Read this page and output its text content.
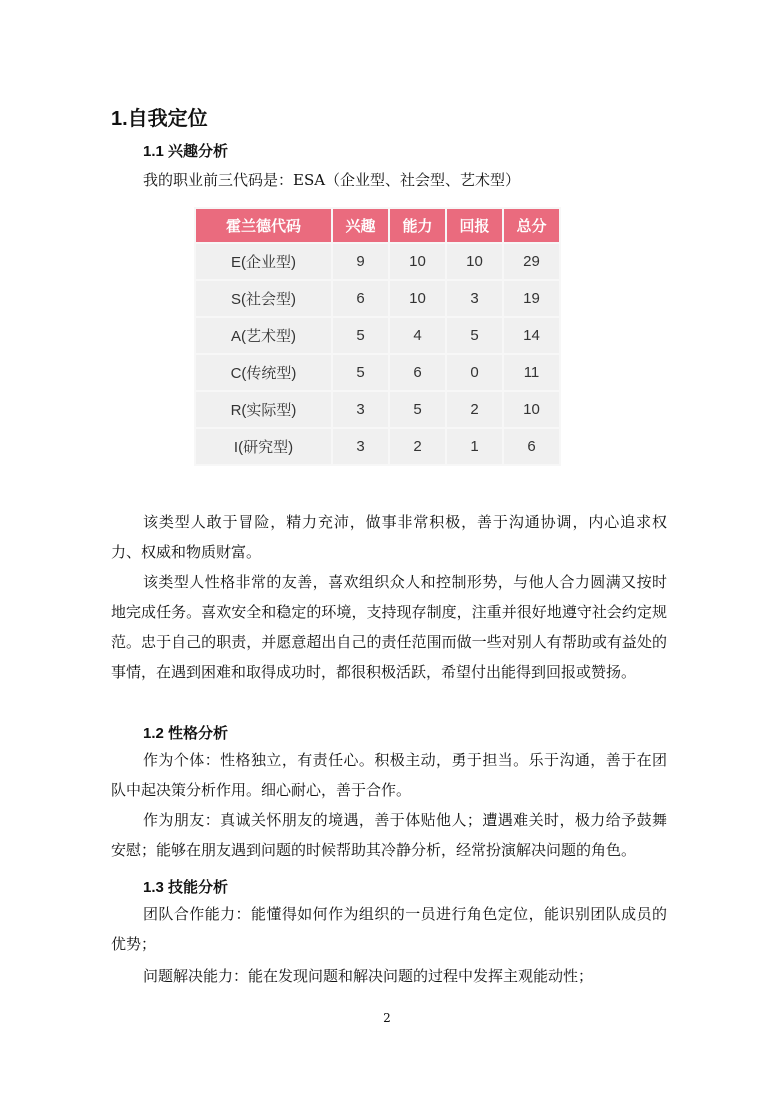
1.自我定位
1.1 兴趣分析
我的职业前三代码是：ESA（企业型、社会型、艺术型）
霍兰德代码	兴趣	能力	回报	总分
E(企业型)	9	10	10	29
S(社会型)	6	10	3	19
A(艺术型)	5	4	5	14
C(传统型)	5	6	0	11
R(实际型)	3	5	2	10
I(研究型)	3	2	1	6

该类型人敢于冒险，精力充沛，做事非常积极，善于沟通协调，内心追求权力、权威和物质财富。

该类型人性格非常的友善，喜欢组织众人和控制形势，与他人合力圆满又按时地完成任务。喜欢安全和稳定的环境，支持现存制度，注重并很好地遵守社会约定规范。忠于自己的职责，并愿意超出自己的责任范围而做一些对别人有帮助或有益处的事情，在遇到困难和取得成功时，都很积极活跃，希望付出能得到回报或赞扬。

1.2 性格分析

作为个体：性格独立，有责任心。积极主动，勇于担当。乐于沟通，善于在团队中起决策分析作用。细心耐心，善于合作。

作为朋友：真诚关怀朋友的境遇，善于体贴他人；遭遇难关时，极力给予鼓舞安慰；能够在朋友遇到问题的时候帮助其冷静分析，经常扮演解决问题的角色。

1.3 技能分析

团队合作能力：能懂得如何作为组织的一员进行角色定位，能识别团队成员的优势；

问题解决能力：能在发现问题和解决问题的过程中发挥主观能动性；
2
